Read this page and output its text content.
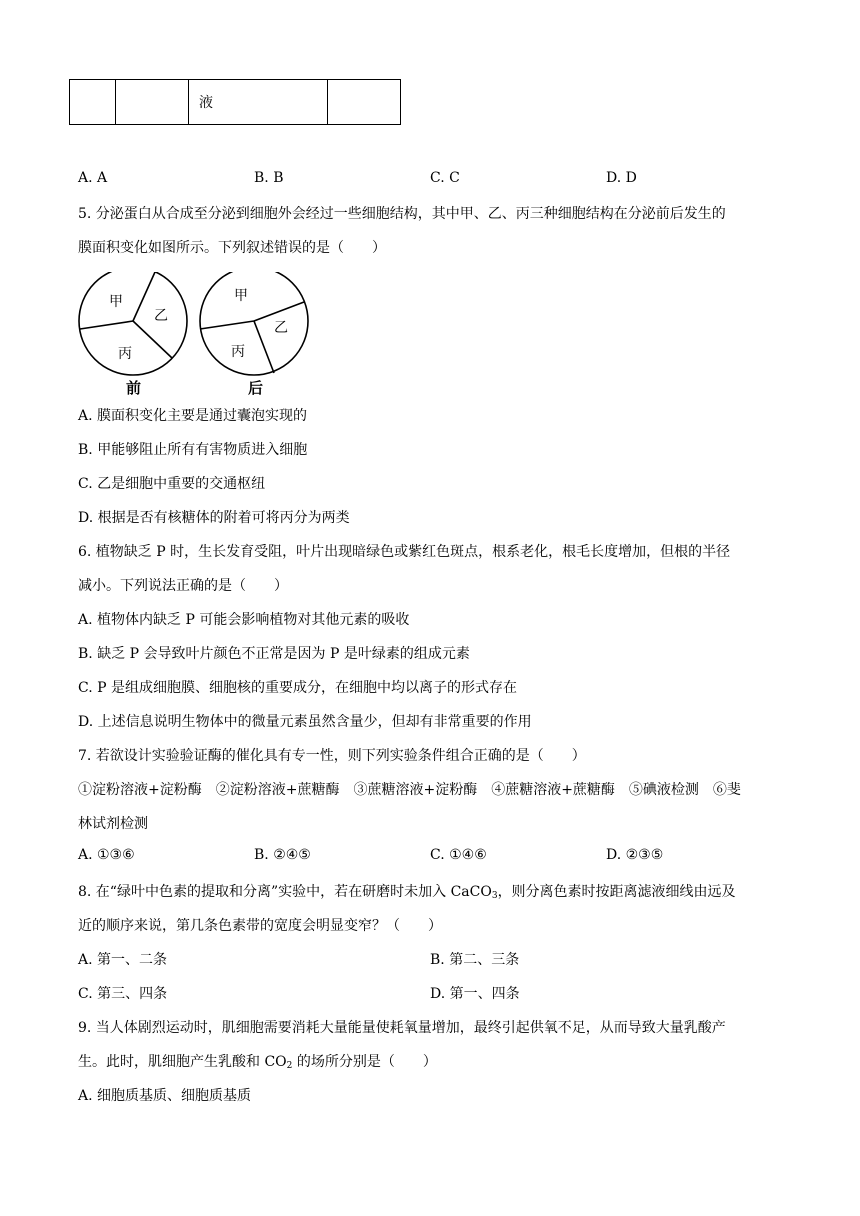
		液	
A. A	B. B	C. C	D. D
5. 分泌蛋白从合成至分泌到细胞外会经过一些细胞结构，其中甲、乙、丙三种细胞结构在分泌前后发生的
膜面积变化如图所示。下列叙述错误的是（　　）
甲
乙
丙
前
甲
乙
丙
后
A. 膜面积变化主要是通过囊泡实现的
B. 甲能够阻止所有有害物质进入细胞
C. 乙是细胞中重要的交通枢纽
D. 根据是否有核糖体的附着可将丙分为两类
6. 植物缺乏 P 时，生长发育受阻，叶片出现暗绿色或紫红色斑点，根系老化，根毛长度增加，但根的半径
减小。下列说法正确的是（　　）
A. 植物体内缺乏 P 可能会影响植物对其他元素的吸收
B. 缺乏 P 会导致叶片颜色不正常是因为 P 是叶绿素的组成元素
C. P 是组成细胞膜、细胞核的重要成分，在细胞中均以离子的形式存在
D. 上述信息说明生物体中的微量元素虽然含量少，但却有非常重要的作用
7. 若欲设计实验验证酶的催化具有专一性，则下列实验条件组合正确的是（　　）
①淀粉溶液+淀粉酶　②淀粉溶液+蔗糖酶　③蔗糖溶液+淀粉酶　④蔗糖溶液+蔗糖酶　⑤碘液检测　⑥斐
林试剂检测
A. ①③⑥	B. ②④⑤	C. ①④⑥	D. ②③⑤
8. 在“绿叶中色素的提取和分离”实验中，若在研磨时未加入 CaCO$_3$，则分离色素时按距离滤液细线由远及
近的顺序来说，第几条色素带的宽度会明显变窄？（　　）
A. 第一、二条	B. 第二、三条
C. 第三、四条	D. 第一、四条
9. 当人体剧烈运动时，肌细胞需要消耗大量能量使耗氧量增加，最终引起供氧不足，从而导致大量乳酸产
生。此时，肌细胞产生乳酸和 $CO_2$ 的场所分别是（　　）
A. 细胞质基质、细胞质基质
